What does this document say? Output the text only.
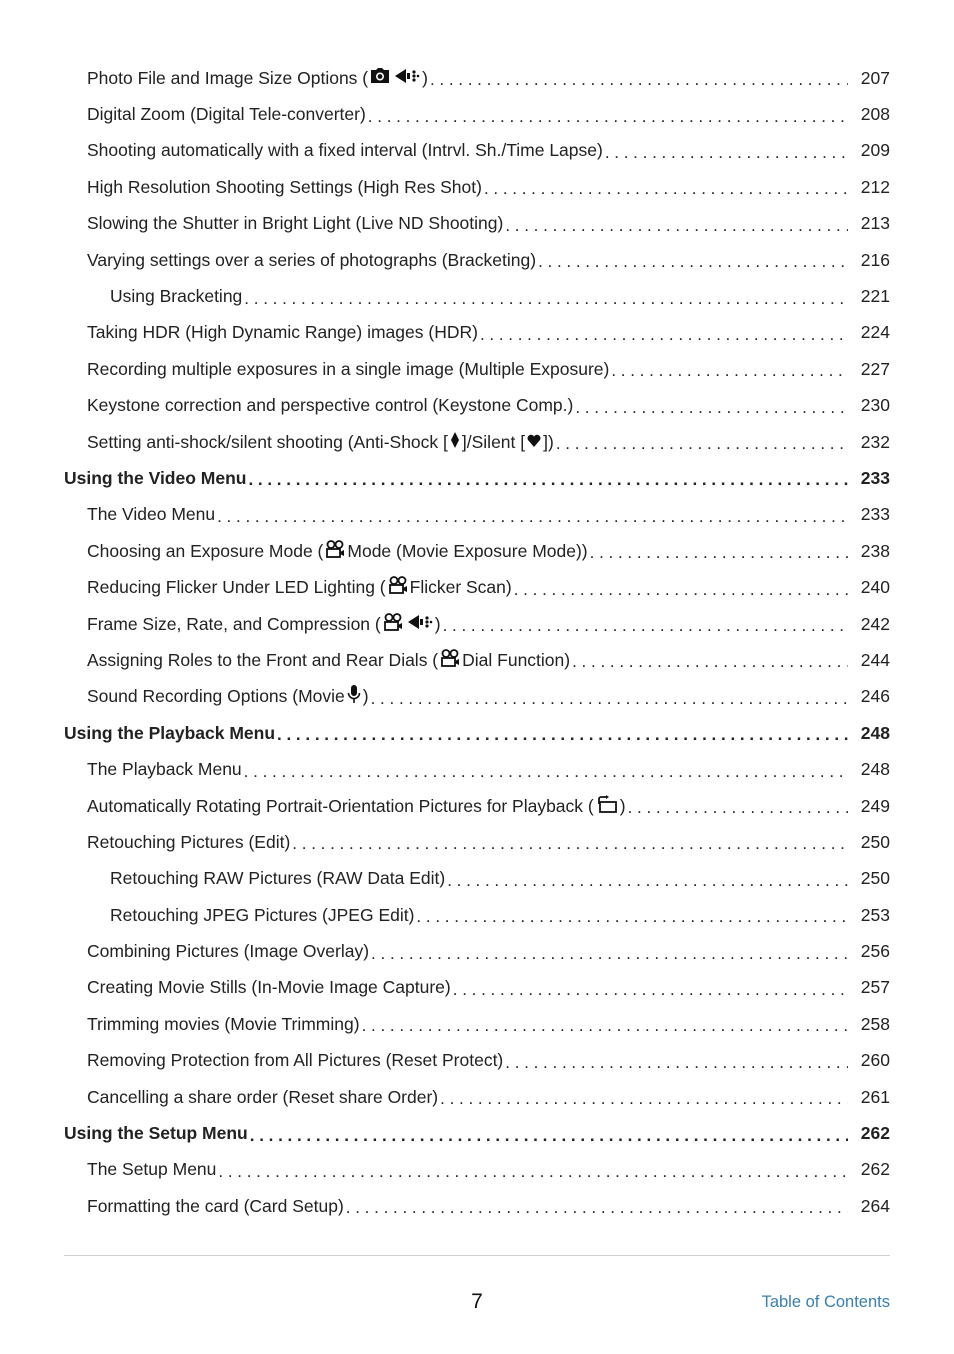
Photo File and Image Size Options (	) . . .	207
Digital Zoom (Digital Tele-converter) . . .	208
Shooting automatically with a fixed interval (Intrvl. Sh./Time Lapse) . . .	209
High Resolution Shooting Settings (High Res Shot) . . .	212
Slowing the Shutter in Bright Light (Live ND Shooting) . . .	213
Varying settings over a series of photographs (Bracketing) . . .	216
Using Bracketing . . .	221
Taking HDR (High Dynamic Range) images (HDR) . . .	224
Recording multiple exposures in a single image (Multiple Exposure) . . .	227
Keystone correction and perspective control (Keystone Comp.) . . .	230
Setting anti-shock/silent shooting (Anti-Shock [ ]/Silent [ ]) . . .	232
Using the Video Menu . . .	233
The Video Menu . . .	233
Choosing an Exposure Mode ( Mode (Movie Exposure Mode)) . . .	238
Reducing Flicker Under LED Lighting ( Flicker Scan) . . .	240
Frame Size, Rate, and Compression (	) . . .	242
Assigning Roles to the Front and Rear Dials ( Dial Function) . . .	244
Sound Recording Options (Movie ) . . .	246
Using the Playback Menu . . .	248
The Playback Menu . . .	248
Automatically Rotating Portrait-Orientation Pictures for Playback ( ) . . .	249
Retouching Pictures (Edit) . . .	250
Retouching RAW Pictures (RAW Data Edit) . . .	250
Retouching JPEG Pictures (JPEG Edit) . . .	253
Combining Pictures (Image Overlay) . . .	256
Creating Movie Stills (In-Movie Image Capture) . . .	257
Trimming movies (Movie Trimming) . . .	258
Removing Protection from All Pictures (Reset Protect) . . .	260
Cancelling a share order (Reset share Order) . . .	261
Using the Setup Menu . . .	262
The Setup Menu . . .	262
Formatting the card (Card Setup) . . .	264
7	Table of Contents
